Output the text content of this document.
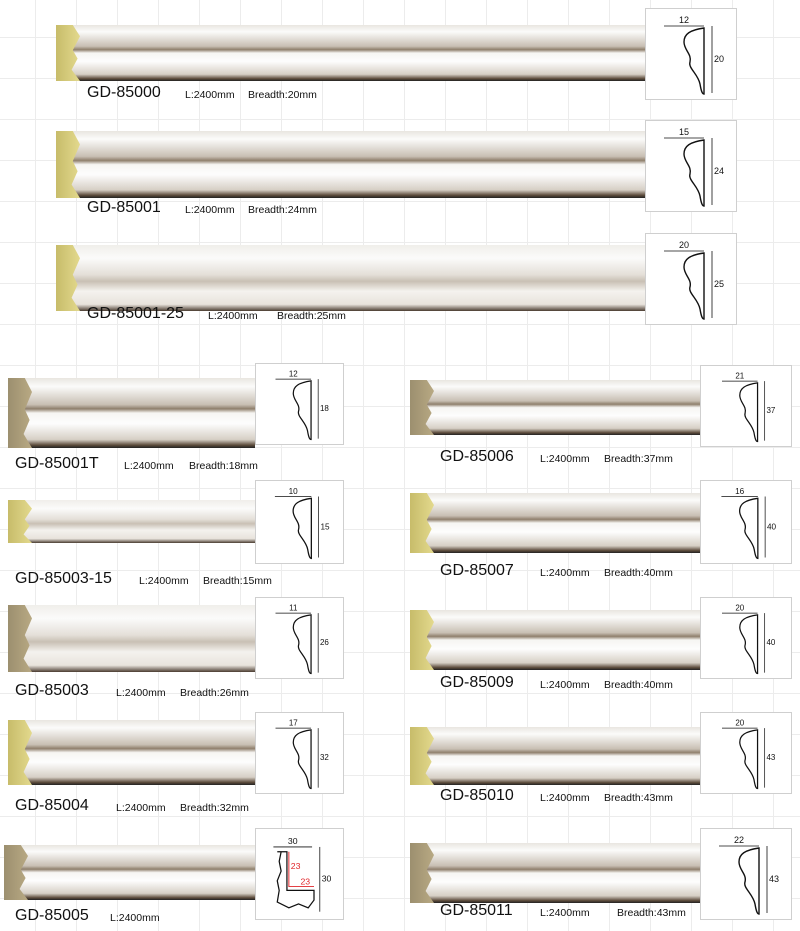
GD-85000 L:2400mm Breadth:20mm
12
20
GD-85001 L:2400mm Breadth:24mm
15
24
GD-85001-25 L:2400mm Breadth:25mm
20
25
GD-85001T L:2400mm Breadth:18mm
12
18
GD-85003-15	L:2400mm Breadth:15mm
10
15
GD-85003	L:2400mm Breadth:26mm
11
26
GD-85004	L:2400mm Breadth:32mm
17
32
GD-85005 L:2400mm
30
30
23
23
GD-85006 L:2400mm Breadth:37mm
21
37
GD-85007 L:2400mm Breadth:40mm
16
40
GD-85009 L:2400mm Breadth:40mm
20
40
GD-85010 L:2400mm Breadth:43mm
20
43
GD-85011	L:2400mm	Breadth:43mm
22
43
